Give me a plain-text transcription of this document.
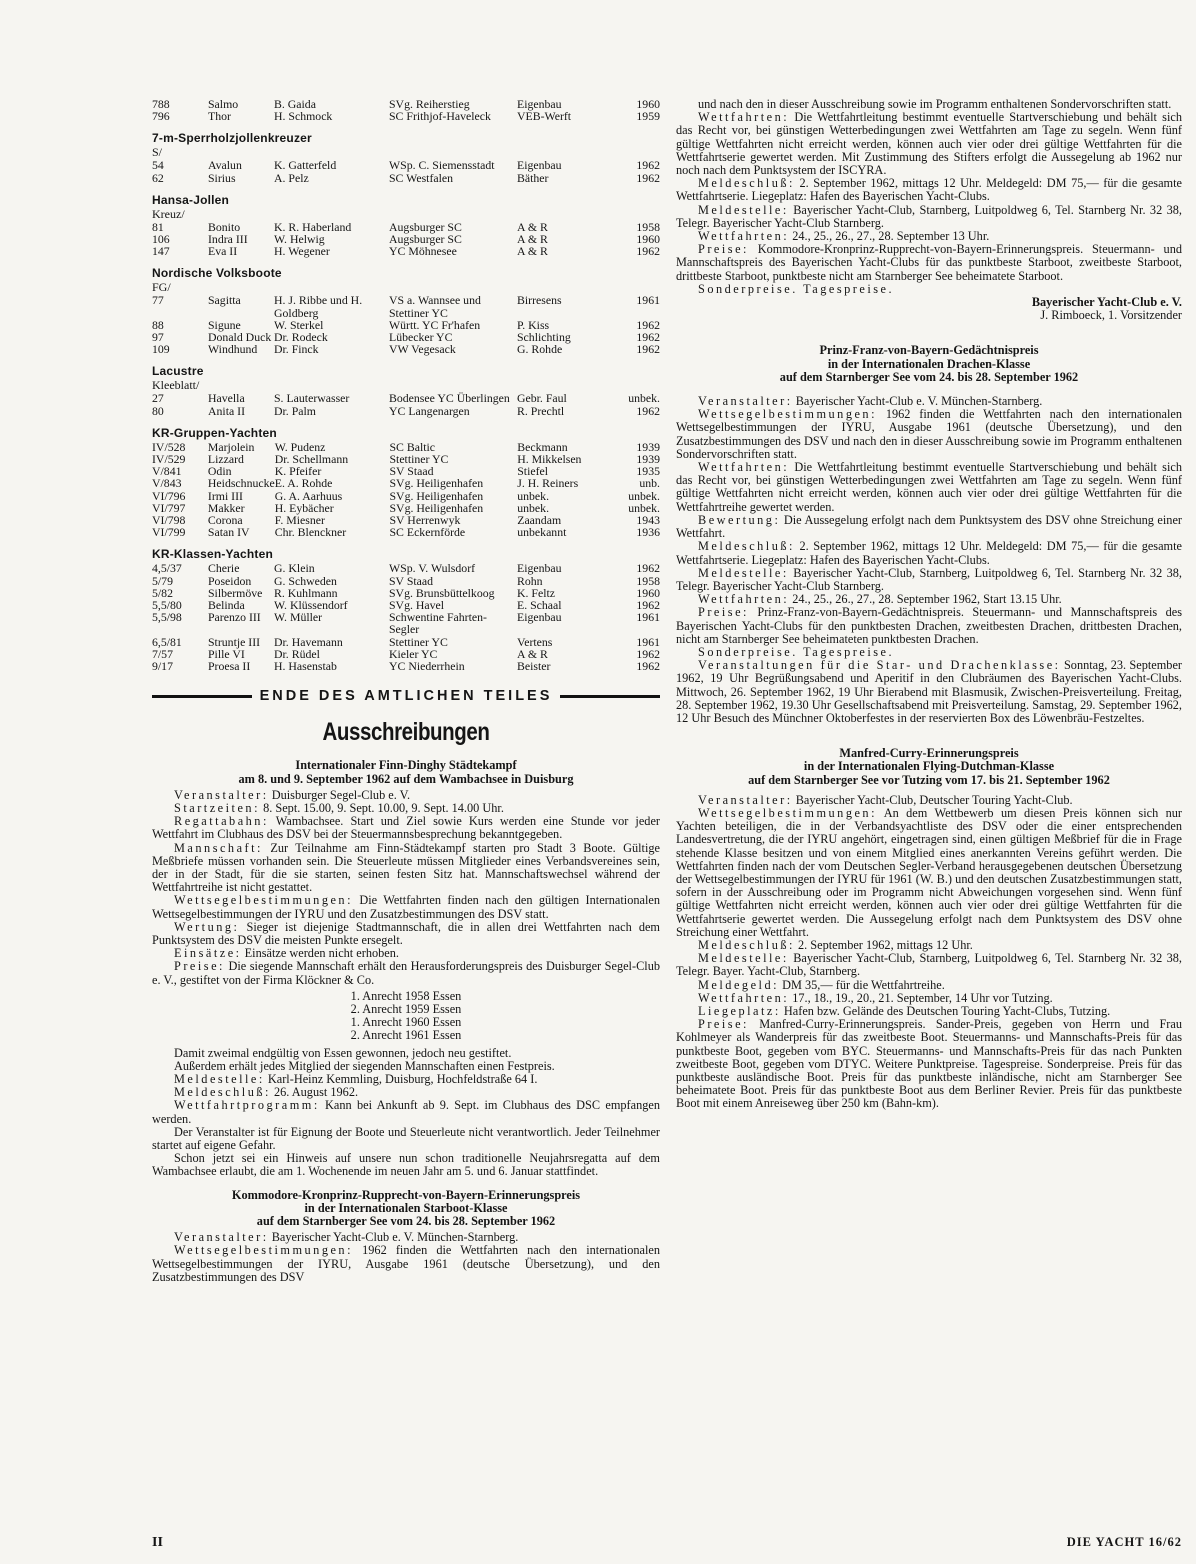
788	Salmo	B. Gaida	SVg. Reiherstieg	Eigenbau	1960
796	Thor	H. Schmock	SC Frithjof-Haveleck	VEB-Werft	1959
7-m-Sperrholzjollenkreuzer
S/
54	Avalun	K. Gatterfeld	WSp. C. Siemensstadt	Eigenbau	1962
62	Sirius	A. Pelz	SC Westfalen	Bäther	1962
Hansa-Jollen
Kreuz/
81	Bonito	K. R. Haberland	Augsburger SC	A & R	1958
106	Indra III	W. Helwig	Augsburger SC	A & R	1960
147	Eva II	H. Wegener	YC Möhnesee	A & R	1962
Nordische Volksboote
FG/
77	Sagitta	H. J. Ribbe und H. Goldberg	VS a. Wannsee und Stettiner YC	Birresens	1961
88	Sigune	W. Sterkel	Württ. YC Fr'hafen	P. Kiss	1962
97	Donald Duck	Dr. Rodeck	Lübecker YC	Schlichting	1962
109	Windhund	Dr. Finck	VW Vegesack	G. Rohde	1962
Lacustre
Kleeblatt/
27	Havella	S. Lauterwasser	Bodensee YC Überlingen	Gebr. Faul	unbek.
80	Anita II	Dr. Palm	YC Langenargen	R. Prechtl	1962
KR-Gruppen-Yachten
IV/528	Marjolein	W. Pudenz	SC Baltic	Beckmann	1939
IV/529	Lizzard	Dr. Schellmann	Stettiner YC	H. Mikkelsen	1939
V/841	Odin	K. Pfeifer	SV Staad	Stiefel	1935
V/843	Heidschnucke	E. A. Rohde	SVg. Heiligenhafen	J. H. Reiners	unb.
VI/796	Irmi III	G. A. Aarhuus	SVg. Heiligenhafen	unbek.	unbek.
VI/797	Makker	H. Eybächer	SVg. Heiligenhafen	unbek.	unbek.
VI/798	Corona	F. Miesner	SV Herrenwyk	Zaandam	1943
VI/799	Satan IV	Chr. Blenckner	SC Eckernförde	unbekannt	1936
KR-Klassen-Yachten
4,5/37	Cherie	G. Klein	WSp. V. Wulsdorf	Eigenbau	1962
5/79	Poseidon	G. Schweden	SV Staad	Rohn	1958
5/82	Silbermöve	R. Kuhlmann	SVg. Brunsbüttelkoog	K. Feltz	1960
5,5/80	Belinda	W. Klüssendorf	SVg. Havel	E. Schaal	1962
5,5/98	Parenzo III	W. Müller	Schwentine Fahrten-Segler	Eigenbau	1961
6,5/81	Struntje III	Dr. Havemann	Stettiner YC	Vertens	1961
7/57	Pille VI	Dr. Rüdel	Kieler YC	A & R	1962
9/17	Proesa II	H. Hasenstab	YC Niederrhein	Beister	1962
ENDE DES AMTLICHEN TEILES
Ausschreibungen
Internationaler Finn-Dinghy Städtekampf
am 8. und 9. September 1962 auf dem Wambachsee in Duisburg

Veranstalter: Duisburger Segel-Club e. V.

Startzeiten: 8. Sept. 15.00, 9. Sept. 10.00, 9. Sept. 14.00 Uhr.

Regattabahn: Wambachsee. Start und Ziel sowie Kurs werden eine Stunde vor jeder Wettfahrt im Clubhaus des DSV bei der Steuermannsbesprechung bekanntgegeben.

Mannschaft: Zur Teilnahme am Finn-Städtekampf starten pro Stadt 3 Boote. Gültige Meßbriefe müssen vorhanden sein. Die Steuerleute müssen Mitglieder eines Verbandsvereines sein, der in der Stadt, für die sie starten, seinen festen Sitz hat. Mannschaftswechsel während der Wettfahrtreihe ist nicht gestattet.

Wettsegelbestimmungen: Die Wettfahrten finden nach den gültigen Internationalen Wettsegelbestimmungen der IYRU und den Zusatzbestimmungen des DSV statt.

Wertung: Sieger ist diejenige Stadtmannschaft, die in allen drei Wettfahrten nach dem Punktsystem des DSV die meisten Punkte ersegelt.

Einsätze: Einsätze werden nicht erhoben.

Preise: Die siegende Mannschaft erhält den Herausforderungspreis des Duisburger Segel-Club e. V., gestiftet von der Firma Klöckner & Co.

1. Anrecht 1958 Essen
2. Anrecht 1959 Essen
1. Anrecht 1960 Essen
2. Anrecht 1961 Essen

Damit zweimal endgültig von Essen gewonnen, jedoch neu gestiftet.

Außerdem erhält jedes Mitglied der siegenden Mannschaften einen Festpreis.

Meldestelle: Karl-Heinz Kemmling, Duisburg, Hochfeldstraße 64 I.

Meldeschluß: 26. August 1962.

Wettfahrtprogramm: Kann bei Ankunft ab 9. Sept. im Clubhaus des DSC empfangen werden.

Der Veranstalter ist für Eignung der Boote und Steuerleute nicht verantwortlich. Jeder Teilnehmer startet auf eigene Gefahr.

Schon jetzt sei ein Hinweis auf unsere nun schon traditionelle Neujahrsregatta auf dem Wambachsee erlaubt, die am 1. Wochenende im neuen Jahr am 5. und 6. Januar stattfindet.

Kommodore-Kronprinz-Rupprecht-von-Bayern-Erinnerungspreis
in der Internationalen Starboot-Klasse
auf dem Starnberger See vom 24. bis 28. September 1962

Veranstalter: Bayerischer Yacht-Club e. V. München-Starnberg.

Wettsegelbestimmungen: 1962 finden die Wettfahrten nach den internationalen Wettsegelbestimmungen der IYRU, Ausgabe 1961 (deutsche Übersetzung), und den Zusatzbestimmungen des DSV

und nach den in dieser Ausschreibung sowie im Programm enthaltenen Sondervorschriften statt.

Wettfahrten: Die Wettfahrtleitung bestimmt eventuelle Startverschiebung und behält sich das Recht vor, bei günstigen Wetterbedingungen zwei Wettfahrten am Tage zu segeln. Wenn fünf gültige Wettfahrten nicht erreicht werden, können auch vier oder drei gültige Wettfahrten für die Wettfahrtserie gewertet werden. Mit Zustimmung des Stifters erfolgt die Aussegelung ab 1962 nur noch nach dem Punktsystem der ISCYRA.

Meldeschluß: 2. September 1962, mittags 12 Uhr. Meldegeld: DM 75,— für die gesamte Wettfahrtserie. Liegeplatz: Hafen des Bayerischen Yacht-Clubs.

Meldestelle: Bayerischer Yacht-Club, Starnberg, Luitpoldweg 6, Tel. Starnberg Nr. 32 38, Telegr. Bayerischer Yacht-Club Starnberg.

Wettfahrten: 24., 25., 26., 27., 28. September 13 Uhr.

Preise: Kommodore-Kronprinz-Rupprecht-von-Bayern-Erinnerungspreis. Steuermann- und Mannschaftspreis des Bayerischen Yacht-Clubs für das punktbeste Starboot, zweitbeste Starboot, drittbeste Starboot, punktbeste nicht am Starnberger See beheimatete Starboot.

Sonderpreise. Tagespreise.

Bayerischer Yacht-Club e. V.
J. Rimboeck, 1. Vorsitzender
Prinz-Franz-von-Bayern-Gedächtnispreis
in der Internationalen Drachen-Klasse
auf dem Starnberger See vom 24. bis 28. September 1962

Veranstalter: Bayerischer Yacht-Club e. V. München-Starnberg.

Wettsegelbestimmungen: 1962 finden die Wettfahrten nach den internationalen Wettsegelbestimmungen der IYRU, Ausgabe 1961 (deutsche Übersetzung), und den Zusatzbestimmungen des DSV und nach den in dieser Ausschreibung sowie im Programm enthaltenen Sondervorschriften statt.

Wettfahrten: Die Wettfahrtleitung bestimmt eventuelle Startverschiebung und behält sich das Recht vor, bei günstigen Wetterbedingungen zwei Wettfahrten am Tage zu segeln. Wenn fünf gültige Wettfahrten nicht erreicht werden, können auch vier oder drei gültige Wettfahrten für die Wettfahrtreihe gewertet werden.

Bewertung: Die Aussegelung erfolgt nach dem Punktsystem des DSV ohne Streichung einer Wettfahrt.

Meldeschluß: 2. September 1962, mittags 12 Uhr. Meldegeld: DM 75,— für die gesamte Wettfahrtserie. Liegeplatz: Hafen des Bayerischen Yacht-Clubs.

Meldestelle: Bayerischer Yacht-Club, Starnberg, Luitpoldweg 6, Tel. Starnberg Nr. 32 38, Telegr. Bayerischer Yacht-Club Starnberg.

Wettfahrten: 24., 25., 26., 27., 28. September 1962, Start 13.15 Uhr.

Preise: Prinz-Franz-von-Bayern-Gedächtnispreis. Steuermann- und Mannschaftspreis des Bayerischen Yacht-Clubs für den punktbesten Drachen, zweitbesten Drachen, drittbesten Drachen, nicht am Starnberger See beheimateten punktbesten Drachen.

Sonderpreise. Tagespreise.

Veranstaltungen für die Star- und Drachenklasse: Sonntag, 23. September 1962, 19 Uhr Begrüßungsabend und Aperitif in den Clubräumen des Bayerischen Yacht-Clubs. Mittwoch, 26. September 1962, 19 Uhr Bierabend mit Blasmusik, Zwischen-Preisverteilung. Freitag, 28. September 1962, 19.30 Uhr Gesellschaftsabend mit Preisverteilung. Samstag, 29. September 1962, 12 Uhr Besuch des Münchner Oktoberfestes in der reservierten Box des Löwenbräu-Festzeltes.

Manfred-Curry-Erinnerungspreis
in der Internationalen Flying-Dutchman-Klasse
auf dem Starnberger See vor Tutzing vom 17. bis 21. September 1962

Veranstalter: Bayerischer Yacht-Club, Deutscher Touring Yacht-Club.

Wettsegelbestimmungen: An dem Wettbewerb um diesen Preis können sich nur Yachten beteiligen, die in der Verbandsyachtliste des DSV oder die einer entsprechenden Landesvertretung, die der IYRU angehört, eingetragen sind, einen gültigen Meßbrief für die in Frage stehende Klasse besitzen und von einem Mitglied eines anerkannten Vereins geführt werden. Die Wettfahrten finden nach der vom Deutschen Segler-Verband herausgegebenen deutschen Übersetzung der Wettsegelbestimmungen der IYRU für 1961 (W. B.) und den deutschen Zusatzbestimmungen statt, sofern in der Ausschreibung oder im Programm nicht Abweichungen vorgesehen sind. Wenn fünf gültige Wettfahrten nicht erreicht werden, können auch vier oder drei gültige Wettfahrten für die Wettfahrtserie gewertet werden. Die Aussegelung erfolgt nach dem Punktsystem des DSV ohne Streichung einer Wettfahrt.

Meldeschluß: 2. September 1962, mittags 12 Uhr.

Meldestelle: Bayerischer Yacht-Club, Starnberg, Luitpoldweg 6, Tel. Starnberg Nr. 32 38, Telegr. Bayer. Yacht-Club, Starnberg.

Meldegeld: DM 35,— für die Wettfahrtreihe.

Wettfahrten: 17., 18., 19., 20., 21. September, 14 Uhr vor Tutzing.

Liegeplatz: Hafen bzw. Gelände des Deutschen Touring Yacht-Clubs, Tutzing.

Preise: Manfred-Curry-Erinnerungspreis. Sander-Preis, gegeben von Herrn und Frau Kohlmeyer als Wanderpreis für das zweitbeste Boot. Steuermanns- und Mannschafts-Preis für das punktbeste Boot, gegeben vom BYC. Steuermanns- und Mannschafts-Preis für das nach Punkten zweitbeste Boot, gegeben vom DTYC. Weitere Punktpreise. Tagespreise. Sonderpreise. Preis für das punktbeste ausländische Boot. Preis für das punktbeste inländische, nicht am Starnberger See beheimatete Boot. Preis für das punktbeste Boot aus dem Berliner Revier. Preis für das punktbeste Boot mit einem Anreiseweg über 250 km (Bahn-km).

II	DIE YACHT 16/62
